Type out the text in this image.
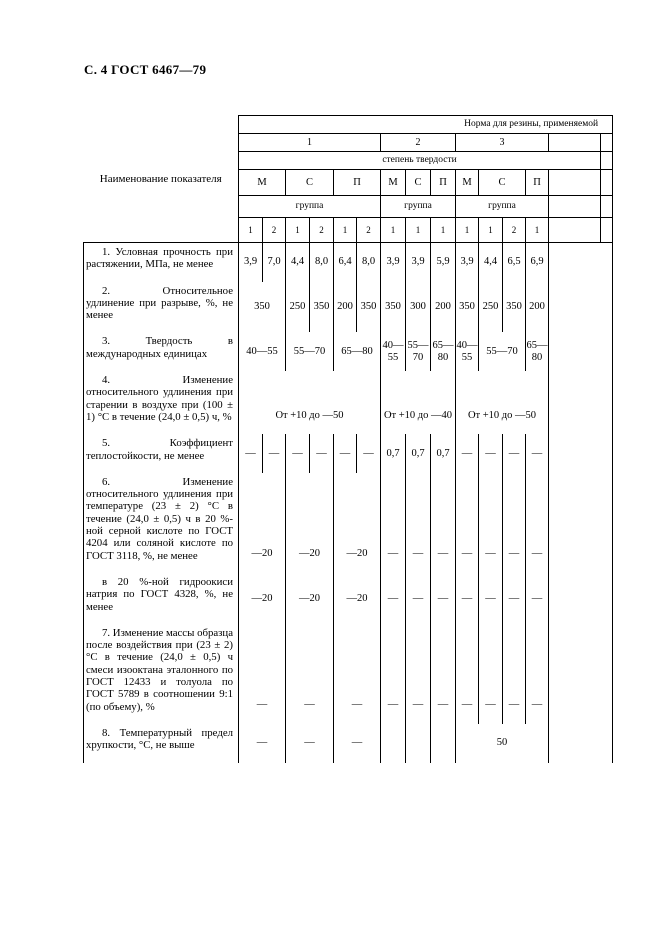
С. 4 ГОСТ 6467—79
Наименование показателя	Норма для резины, применяемой														
	1						2			3					
	степень твердости														
	М		С		П		М	С	П	М	С		П		
	группа						группа			группа					
	1	2	1	2	1	2	1	1	1	1	1	2	1		
1. Условная прочность при растяжении, МПа, не менее	3,9	7,0	4,4	8,0	6,4	8,0	3,9	3,9	5,9	3,9	4,4	6,5	6,9		
2. Относительное удлинение при разрыве, %, не менее	350		250	350	200	350	350	300	200	350	250	350	200		
3. Твердость в международных единицах	40—55		55—70		65—80		40—55	55—70	65—80	40—55	55—70		65—80		
4. Изменение относительного удлинения при старении в воздухе при (100 ± 1) °С в течение (24,0 ± 0,5) ч, %	От +10 до —50						От +10 до —40			От +10 до —50					
5. Коэффициент теплостойкости, не менее	—	—	—	—	—	—	0,7	0,7	0,7	—	—	—	—		
6. Изменение относительного удлинения при температуре (23 ± 2) °С в течение (24,0 ± 0,5) ч в 20 %-ной серной кислоте по ГОСТ 4204 или соляной кислоте по ГОСТ 3118, %, не менее	—20		—20		—20		—	—	—	—	—	—	—		
в 20 %-ной гидроокиси натрия по ГОСТ 4328, %, не менее	—20		—20		—20		—	—	—	—	—	—	—		
7. Изменение массы образца после воздействия при (23 ± 2) °С в течение (24,0 ± 0,5) ч смеси изооктана эталонного по ГОСТ 12433 и толуола по ГОСТ 5789 в соотношении 9:1 (по объему), %	—		—		—		—	—	—	—	—	—	—		
8. Температурный предел хрупкости, °С, не выше	—		—		—					50					
